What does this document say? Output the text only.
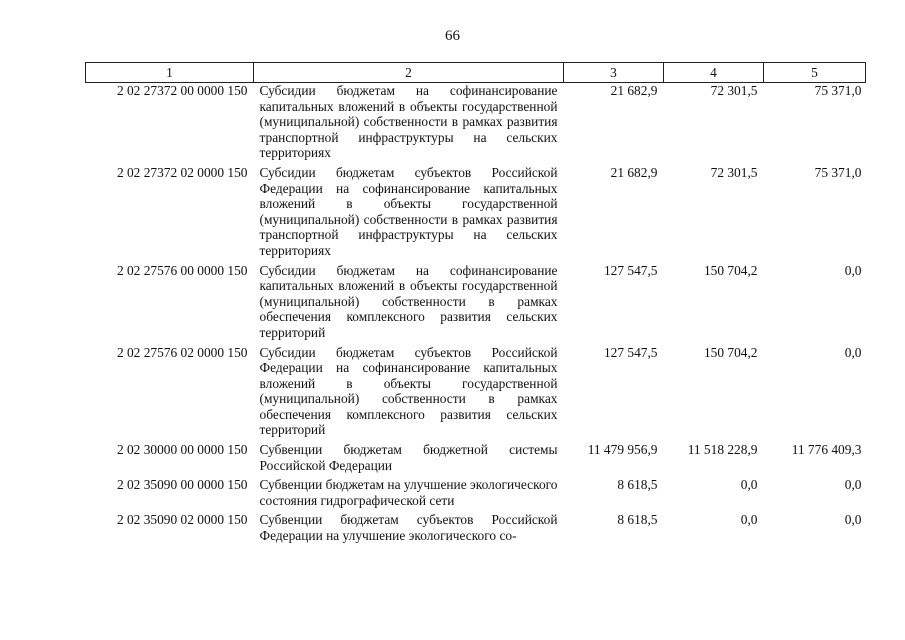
66
1	2	3	4	5
2 02 27372 00 0000 150	Субсидии бюджетам на софинансирование капитальных вложений в объекты государственной (муниципальной) собственности в рамках развития транспортной инфраструктуры на сельских территориях	21 682,9	72 301,5	75 371,0
2 02 27372 02 0000 150	Субсидии бюджетам субъектов Российской Федерации на софинансирование капитальных вложений в объекты государственной (муниципальной) собственности в рамках развития транспортной инфраструктуры на сельских территориях	21 682,9	72 301,5	75 371,0
2 02 27576 00 0000 150	Субсидии бюджетам на софинансирование капитальных вложений в объекты государственной (муниципальной) собственности в рамках обеспечения комплексного развития сельских территорий	127 547,5	150 704,2	0,0
2 02 27576 02 0000 150	Субсидии бюджетам субъектов Российской Федерации на софинансирование капитальных вложений в объекты государственной (муниципальной) собственности в рамках обеспечения комплексного развития сельских территорий	127 547,5	150 704,2	0,0
2 02 30000 00 0000 150	Субвенции бюджетам бюджетной системы Российской Федерации	11 479 956,9	11 518 228,9	11 776 409,3
2 02 35090 00 0000 150	Субвенции бюджетам на улучшение экологического состояния гидрографической сети	8 618,5	0,0	0,0
2 02 35090 02 0000 150	Субвенции бюджетам субъектов Российской Федерации на улучшение экологического со-	8 618,5	0,0	0,0
